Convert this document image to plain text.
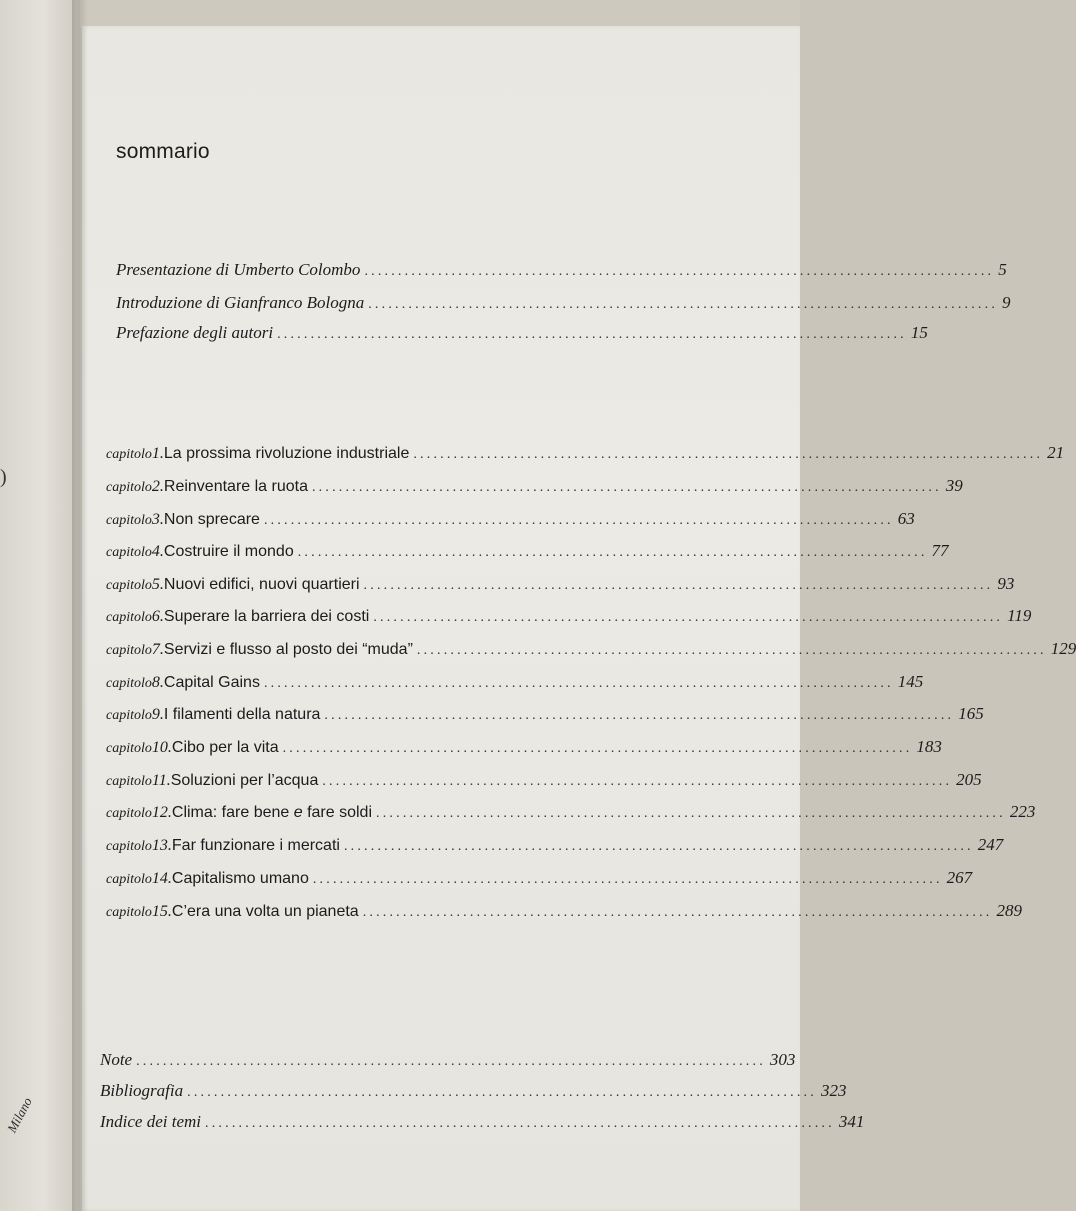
)
Milano
sommario
Presentazione di Umberto Colombo .............................................................................................. 5
Introduzione di Gianfranco Bologna .............................................................................................. 9
Prefazione degli autori .............................................................................................. 15
capitolo 1. La prossima rivoluzione industriale .............................................................................................. 21
capitolo 2. Reinventare la ruota .............................................................................................. 39
capitolo 3. Non sprecare .............................................................................................. 63
capitolo 4. Costruire il mondo .............................................................................................. 77
capitolo 5. Nuovi edifici, nuovi quartieri .............................................................................................. 93
capitolo 6. Superare la barriera dei costi .............................................................................................. 119
capitolo 7. Servizi e flusso al posto dei “muda” .............................................................................................. 129
capitolo 8. Capital Gains .............................................................................................. 145
capitolo 9. I filamenti della natura .............................................................................................. 165
capitolo 10. Cibo per la vita .............................................................................................. 183
capitolo 11. Soluzioni per l’acqua .............................................................................................. 205
capitolo 12. Clima: fare bene e fare soldi .............................................................................................. 223
capitolo 13. Far funzionare i mercati .............................................................................................. 247
capitolo 14. Capitalismo umano .............................................................................................. 267
capitolo 15. C’era una volta un pianeta .............................................................................................. 289
Note .............................................................................................. 303
Bibliografia .............................................................................................. 323
Indice dei temi .............................................................................................. 341
